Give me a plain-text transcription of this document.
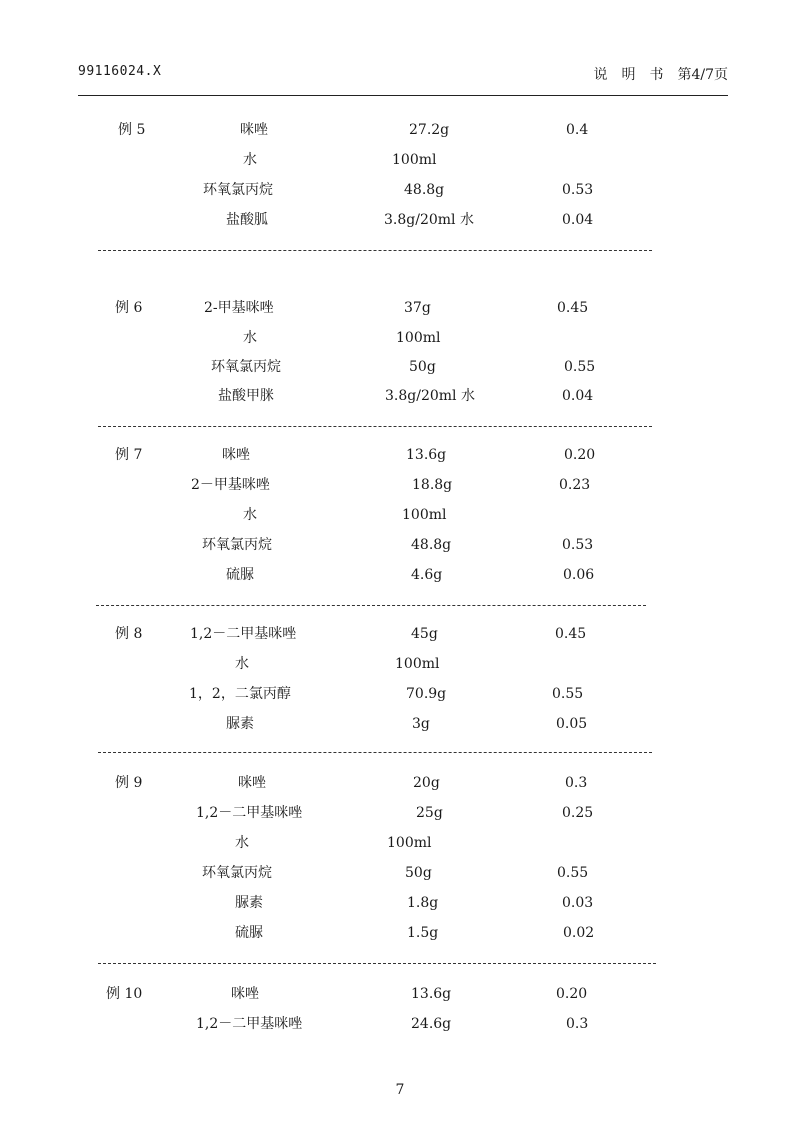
99116024.X	说明书第4/7页
例 5	咪唑	27.2g	0.4
水	100ml
环氧氯丙烷	48.8g	0.53
盐酸胍	3.8g/20ml 水	0.04
例 6	2-甲基咪唑	37g	0.45
水	100ml
环氧氯丙烷	50g	0.55
盐酸甲脒	3.8g/20ml 水	0.04
例 7	咪唑	13.6g	0.20
2－甲基咪唑	18.8g	0.23
水	100ml
环氧氯丙烷	48.8g	0.53
硫脲	4.6g	0.06
例 8	1,2－二甲基咪唑	45g	0.45
水	100ml
1，2，二氯丙醇	70.9g	0.55
脲素	3g	0.05
例 9	咪唑	20g	0.3
1,2－二甲基咪唑	25g	0.25
水	100ml
环氧氯丙烷	50g	0.55
脲素	1.8g	0.03
硫脲	1.5g	0.02
例 10	咪唑	13.6g	0.20
1,2－二甲基咪唑	24.6g	0.3
7
